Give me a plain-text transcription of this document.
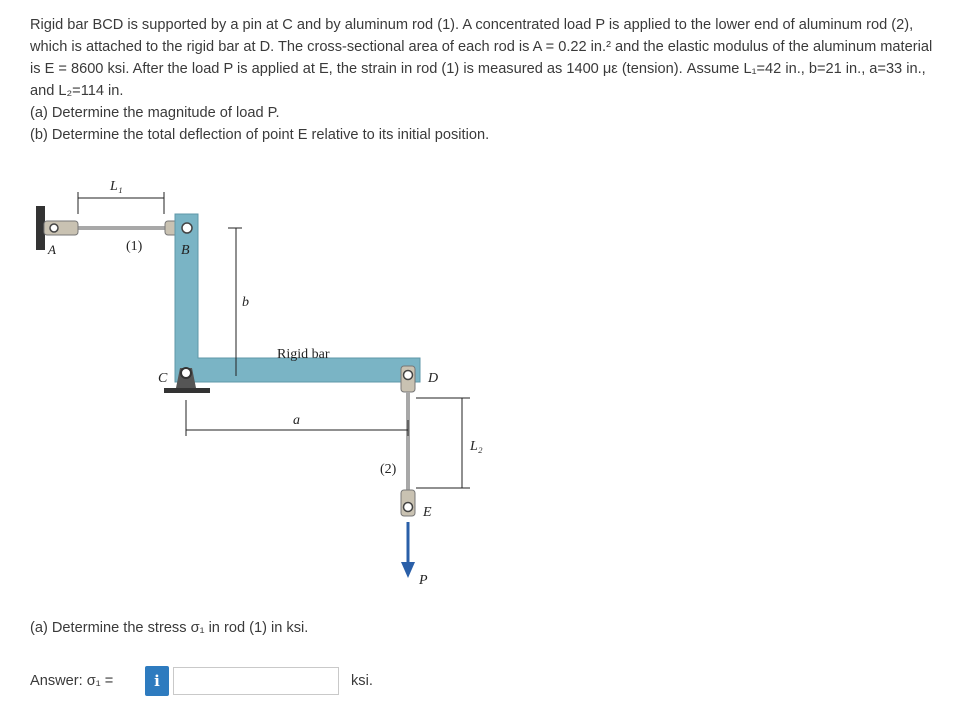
Rigid bar BCD is supported by a pin at C and by aluminum rod (1). A concentrated load P is applied to the lower end of aluminum rod (2), which is attached to the rigid bar at D. The cross-sectional area of each rod is A = 0.22 in.² and the elastic modulus of the aluminum material is E = 8600 ksi. After the load P is applied at E, the strain in rod (1) is measured as 1400 με (tension). Assume L₁=42 in., b=21 in., a=33 in., and L₂=114 in.

(a) Determine the magnitude of load P.

(b) Determine the total deflection of point E relative to its initial position.

L₁
A	(1)	B
b
Rigid bar
C	D
a
L₂
(2)
E
P
(a) Determine the stress σ₁ in rod (1) in ksi.
Answer: σ₁ =	i	ksi.
